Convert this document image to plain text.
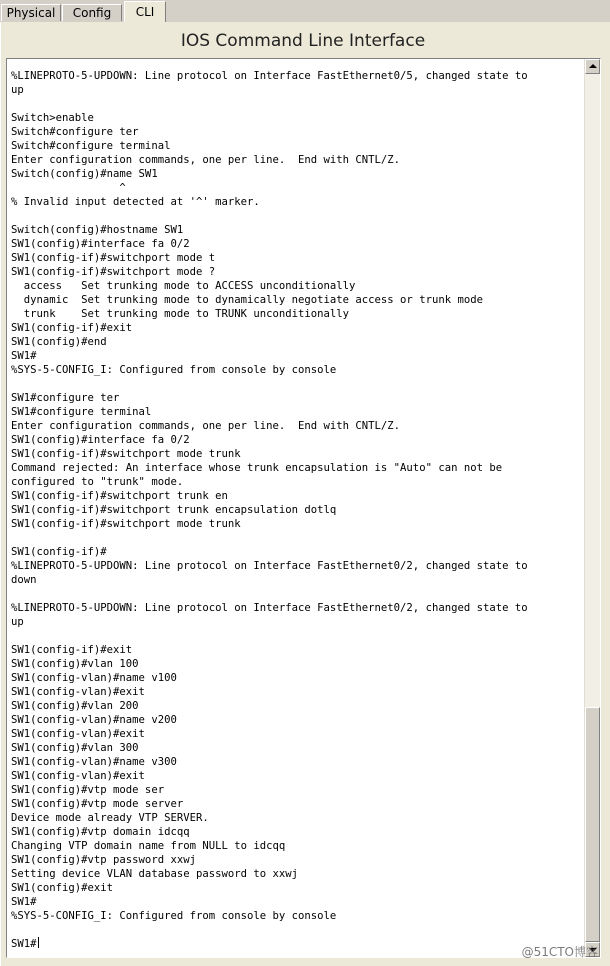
Physical	Config	CLI
IOS Command Line Interface
%LINEPROTO-5-UPDOWN: Line protocol on Interface FastEthernet0/5, changed state to
up

Switch>enable
Switch#configure ter
Switch#configure terminal
Enter configuration commands, one per line.  End with CNTL/Z.
Switch(config)#name SW1
^
% Invalid input detected at '^' marker.

Switch(config)#hostname SW1
SW1(config)#interface fa 0/2
SW1(config-if)#switchport mode t
SW1(config-if)#switchport mode ?
access   Set trunking mode to ACCESS unconditionally
dynamic  Set trunking mode to dynamically negotiate access or trunk mode
trunk    Set trunking mode to TRUNK unconditionally
SW1(config-if)#exit
SW1(config)#end
SW1#
%SYS-5-CONFIG_I: Configured from console by console

SW1#configure ter
SW1#configure terminal
Enter configuration commands, one per line.  End with CNTL/Z.
SW1(config)#interface fa 0/2
SW1(config-if)#switchport mode trunk
Command rejected: An interface whose trunk encapsulation is "Auto" can not be
configured to "trunk" mode.
SW1(config-if)#switchport trunk en
SW1(config-if)#switchport trunk encapsulation dotlq
SW1(config-if)#switchport mode trunk

SW1(config-if)#
%LINEPROTO-5-UPDOWN: Line protocol on Interface FastEthernet0/2, changed state to
down

%LINEPROTO-5-UPDOWN: Line protocol on Interface FastEthernet0/2, changed state to
up

SW1(config-if)#exit
SW1(config)#vlan 100
SW1(config-vlan)#name v100
SW1(config-vlan)#exit
SW1(config)#vlan 200
SW1(config-vlan)#name v200
SW1(config-vlan)#exit
SW1(config)#vlan 300
SW1(config-vlan)#name v300
SW1(config-vlan)#exit
SW1(config)#vtp mode ser
SW1(config)#vtp mode server
Device mode already VTP SERVER.
SW1(config)#vtp domain idcqq
Changing VTP domain name from NULL to idcqq
SW1(config)#vtp password xxwj
Setting device VLAN database password to xxwj
SW1(config)#exit
SW1#
%SYS-5-CONFIG_I: Configured from console by console

SW1#
@51CTO博客
